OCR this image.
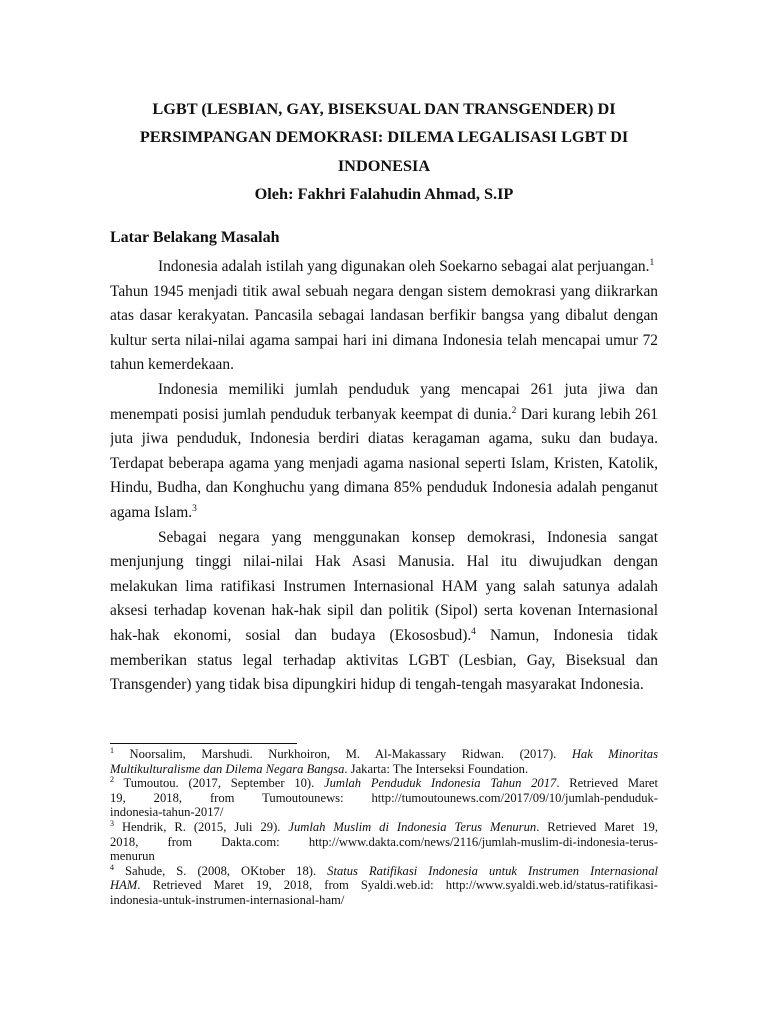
LGBT (LESBIAN, GAY, BISEKSUAL DAN TRANSGENDER) DI
PERSIMPANGAN DEMOKRASI: DILEMA LEGALISASI LGBT DI
INDONESIA
Oleh: Fakhri Falahudin Ahmad, S.IP
Latar Belakang Masalah
Indonesia adalah istilah yang digunakan oleh Soekarno sebagai alat perjuangan.$^1$
Tahun 1945 menjadi titik awal sebuah negara dengan sistem demokrasi yang diikrarkan
atas dasar kerakyatan. Pancasila sebagai landasan berfikir bangsa yang dibalut dengan
kultur serta nilai-nilai agama sampai hari ini dimana Indonesia telah mencapai umur 72
tahun kemerdekaan.
Indonesia memiliki jumlah penduduk yang mencapai 261 juta jiwa dan
menempati posisi jumlah penduduk terbanyak keempat di dunia.$^2$ Dari kurang lebih 261
juta jiwa penduduk, Indonesia berdiri diatas keragaman agama, suku dan budaya.
Terdapat beberapa agama yang menjadi agama nasional seperti Islam, Kristen, Katolik,
Hindu, Budha, dan Konghuchu yang dimana 85% penduduk Indonesia adalah penganut
agama Islam.$^3$
Sebagai negara yang menggunakan konsep demokrasi, Indonesia sangat
menjunjung tinggi nilai-nilai Hak Asasi Manusia. Hal itu diwujudkan dengan
melakukan lima ratifikasi Instrumen Internasional HAM yang salah satunya adalah
aksesi terhadap kovenan hak-hak sipil dan politik (Sipol) serta kovenan Internasional
hak-hak ekonomi, sosial dan budaya (Ekososbud).$^4$ Namun, Indonesia tidak
memberikan status legal terhadap aktivitas LGBT (Lesbian, Gay, Biseksual dan
Transgender) yang tidak bisa dipungkiri hidup di tengah-tengah masyarakat Indonesia.
$^1$ Noorsalim, Marshudi. Nurkhoiron, M. Al-Makassary Ridwan. (2017). Hak Minoritas
Multikulturalisme dan Dilema Negara Bangsa. Jakarta: The Interseksi Foundation.
$^2$ Tumoutou. (2017, September 10). Jumlah Penduduk Indonesia Tahun 2017. Retrieved Maret
19, 2018, from Tumoutounews: http://tumoutounews.com/2017/09/10/jumlah-penduduk-
indonesia-tahun-2017/
$^3$ Hendrik, R. (2015, Juli 29). Jumlah Muslim di Indonesia Terus Menurun. Retrieved Maret 19,
2018, from Dakta.com: http://www.dakta.com/news/2116/jumlah-muslim-di-indonesia-terus-
menurun
$^4$ Sahude, S. (2008, OKtober 18). Status Ratifikasi Indonesia untuk Instrumen Internasional
HAM. Retrieved Maret 19, 2018, from Syaldi.web.id: http://www.syaldi.web.id/status-ratifikasi-
indonesia-untuk-instrumen-internasional-ham/
